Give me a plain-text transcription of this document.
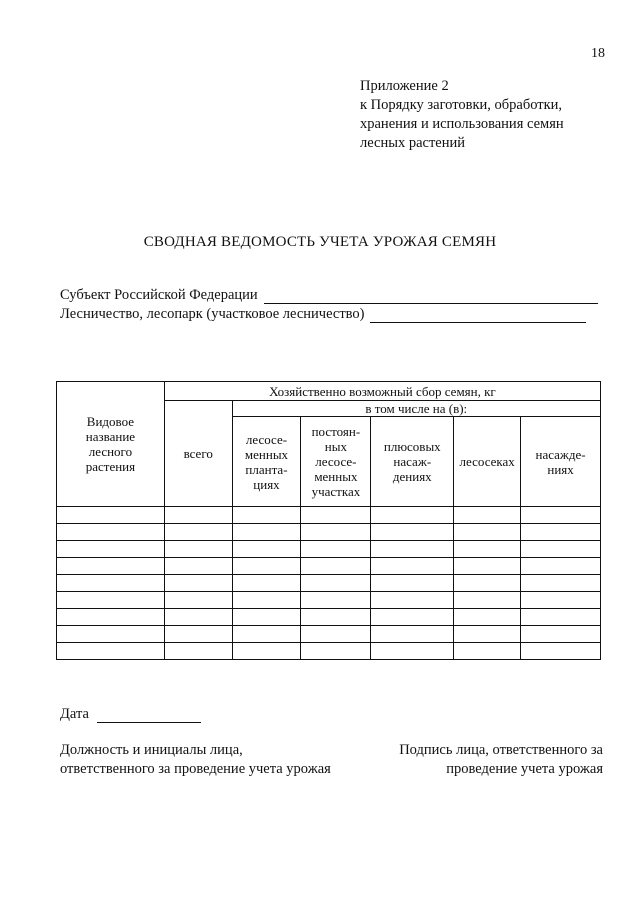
18
Приложение 2
к Порядку заготовки, обработки,
хранения и использования семян
лесных растений
СВОДНАЯ ВЕДОМОСТЬ УЧЕТА УРОЖАЯ СЕМЯН
Субъект Российской Федерации
Лесничество, лесопарк (участковое лесничество)
Видовое название лесного растения	Хозяйственно возможный сбор семян, кг					
	всего	в том числе на (в):				
		лесосе-менных планта-циях	постоян-ных лесосе-менных участках	плюсовых насаж-дениях	лесосеках	насажде-ниях

Дата
Должность и инициалы лица,
ответственного за проведение учета урожая
Подпись лица, ответственного за
проведение учета урожая
